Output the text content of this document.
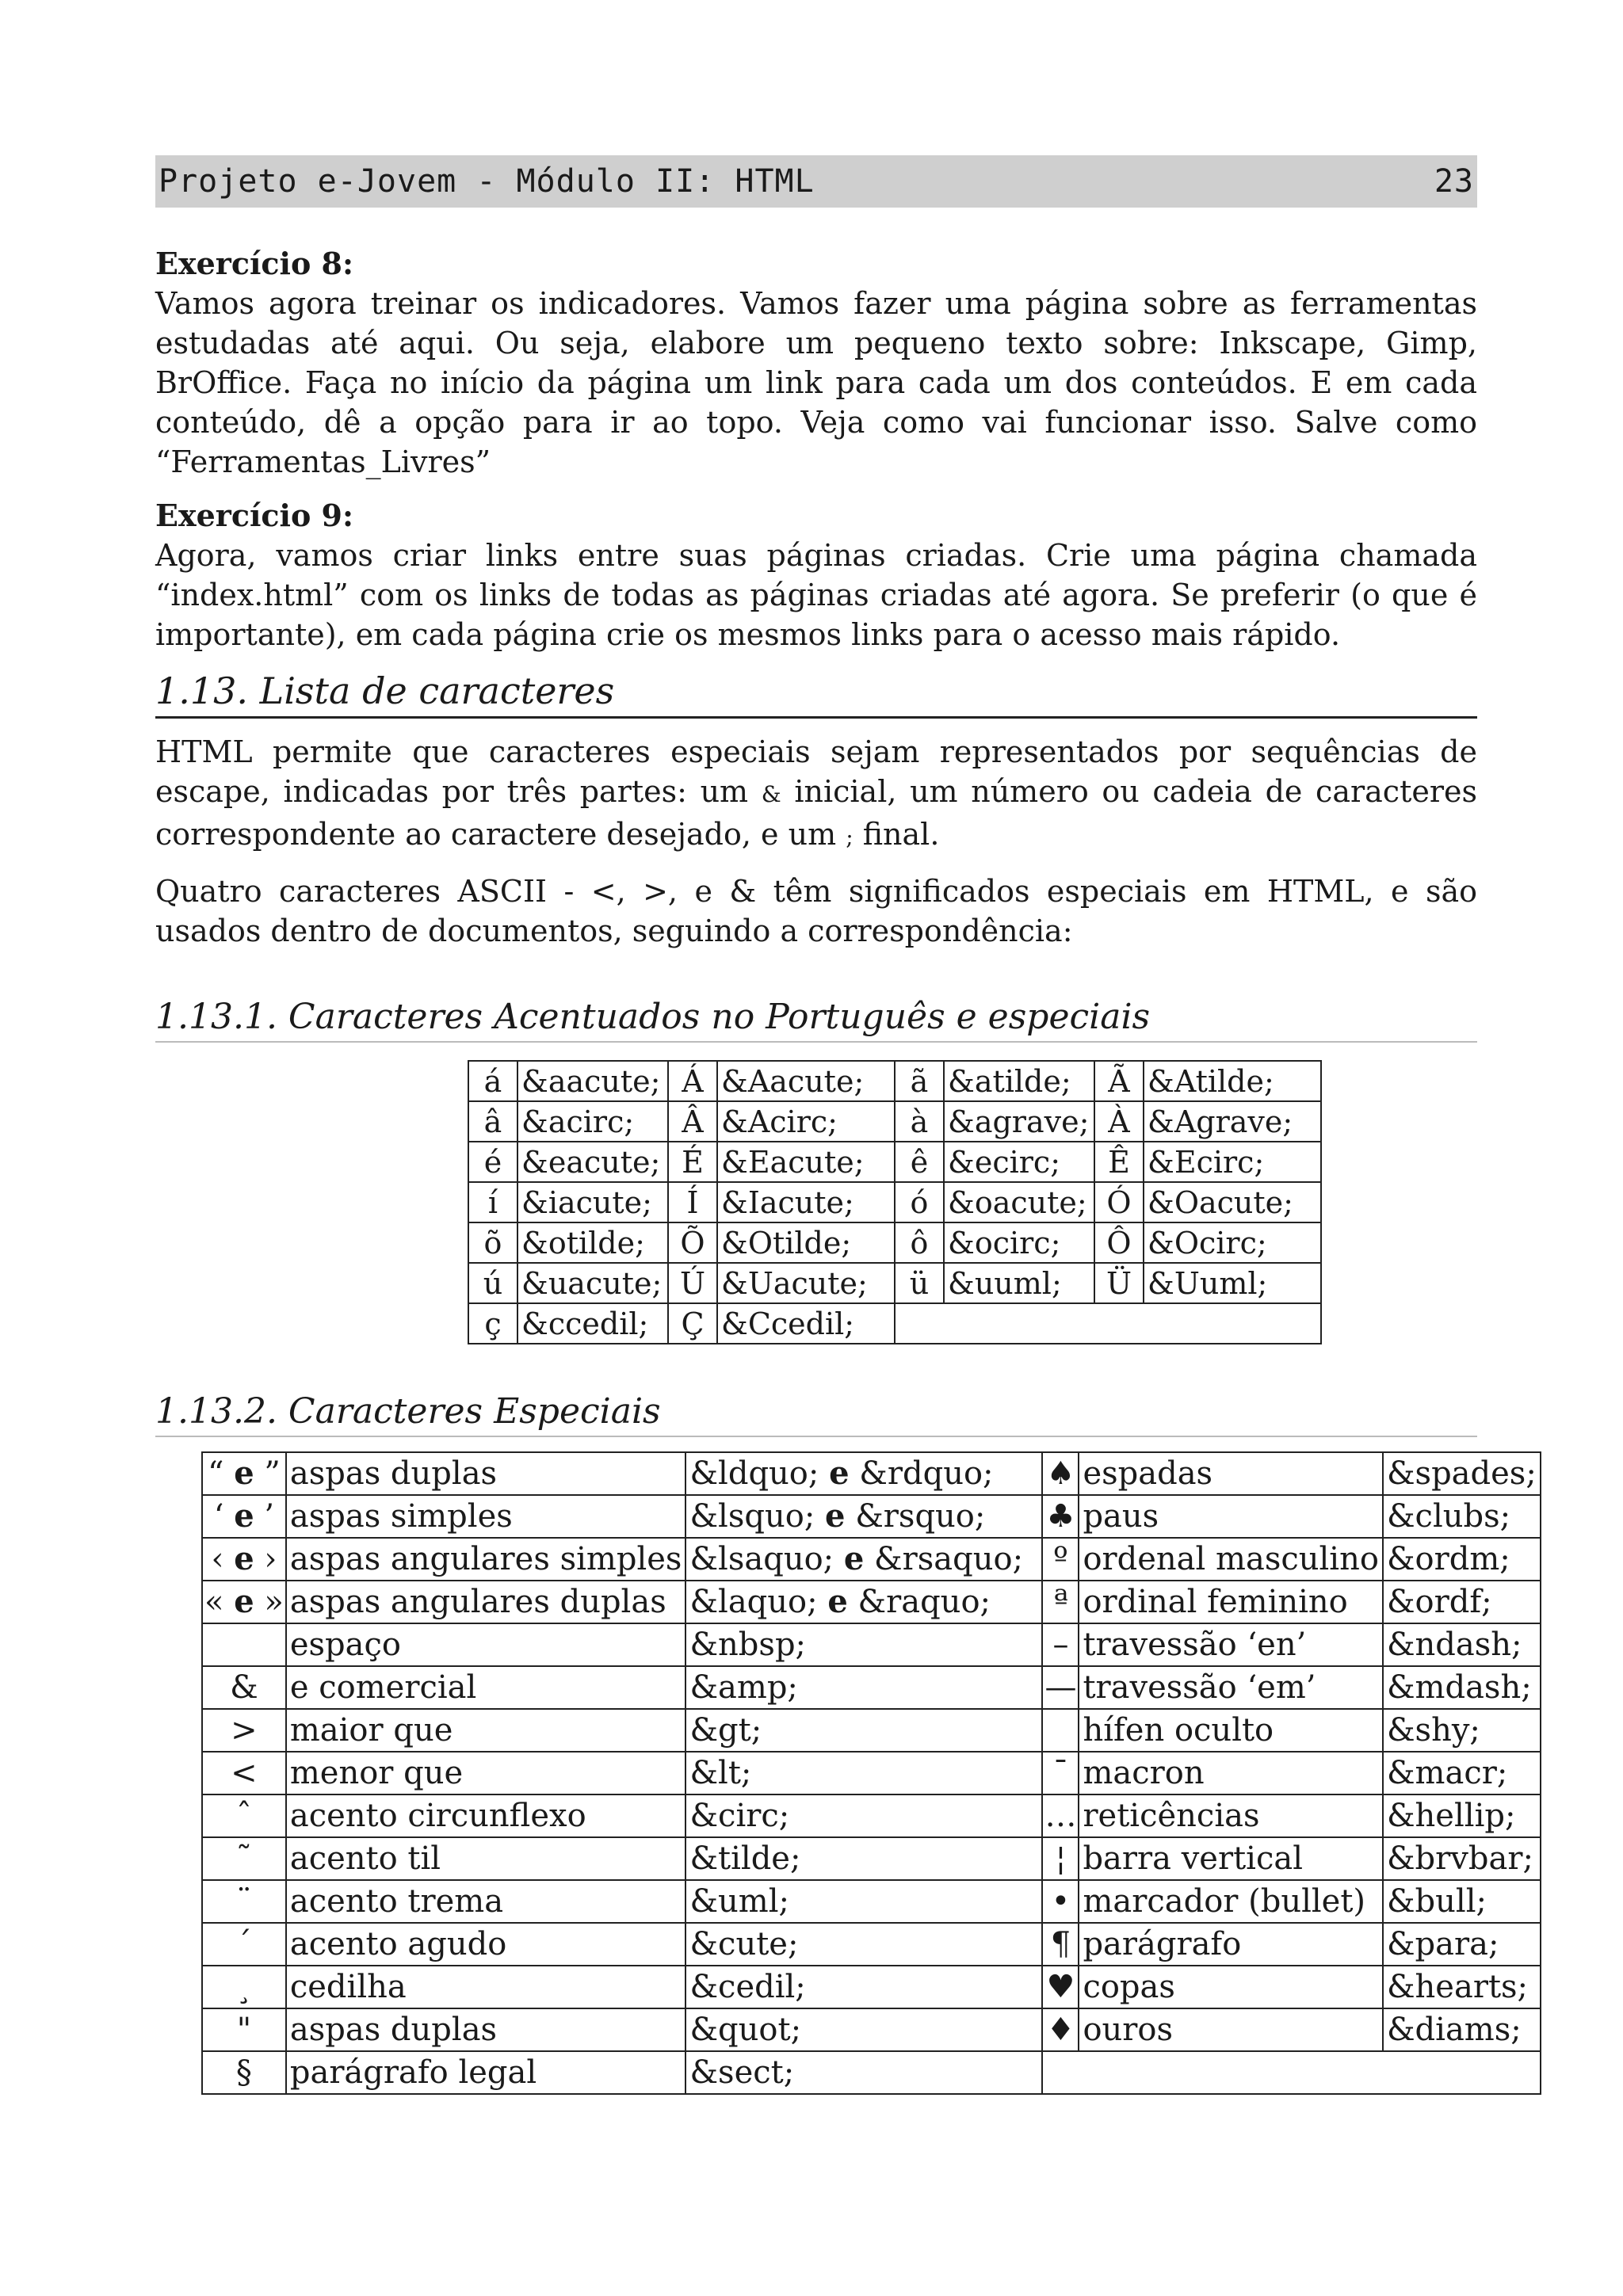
Projeto e-Jovem - Módulo II: HTML	23

Exercício 8:

Vamos agora treinar os indicadores. Vamos fazer uma página sobre as ferramentas estudadas até aqui. Ou seja, elabore um pequeno texto sobre: Inkscape, Gimp, BrOffice. Faça no início da página um link para cada um dos conteúdos. E em cada conteúdo, dê a opção para ir ao topo. Veja como vai funcionar isso. Salve como “Ferramentas_Livres”

Exercício 9:

Agora, vamos criar links entre suas páginas criadas. Crie uma página chamada “index.html” com os links de todas as páginas criadas até agora. Se preferir (o que é importante), em cada página crie os mesmos links para o acesso mais rápido.

1.13. Lista de caracteres

HTML permite que caracteres especiais sejam representados por sequências de escape, indicadas por três partes: um & inicial, um número ou cadeia de caracteres correspondente ao caractere desejado, e um ; final.

Quatro caracteres ASCII - <, >, e & têm significados especiais em HTML, e são usados dentro de documentos, seguindo a correspondência:

1.13.1. Caracteres Acentuados no Português e especiais
á	&aacute;	Á	&Aacute;	ã	&atilde;	Ã	&Atilde;
â	&acirc;	Â	&Acirc;	à	&agrave;	À	&Agrave;
é	&eacute;	É	&Eacute;	ê	&ecirc;	Ê	&Ecirc;
í	&iacute;	Í	&Iacute;	ó	&oacute;	Ó	&Oacute;
õ	&otilde;	Õ	&Otilde;	ô	&ocirc;	Ô	&Ocirc;
ú	&uacute;	Ú	&Uacute;	ü	&uuml;	Ü	&Uuml;
ç	&ccedil;	Ç	&Ccedil;				
1.13.2. Caracteres Especiais
“ e ”	aspas duplas	&ldquo; e &rdquo;	♠	espadas	&spades;
‘ e ’	aspas simples	&lsquo; e &rsquo;	♣	paus	&clubs;
‹ e ›	aspas angulares simples	&lsaquo; e &rsaquo;	º	ordenal masculino	&ordm;
« e »	aspas angulares duplas	&laquo; e &raquo;	ª	ordinal feminino	&ordf;
	espaço	&nbsp;	–	travessão ‘en’	&ndash;
&	e comercial	&amp;	—	travessão ‘em’	&mdash;
>	maior que	&gt;		hífen oculto	&shy;
<	menor que	&lt;	¯	macron	&macr;
ˆ	acento circunflexo	&circ;	…	reticências	&hellip;
˜	acento til	&tilde;	¦	barra vertical	&brvbar;
¨	acento trema	&uml;	•	marcador (bullet)	&bull;
´	acento agudo	&cute;	¶	parágrafo	&para;
¸	cedilha	&cedil;	♥	copas	&hearts;
"	aspas duplas	&quot;	♦	ouros	&diams;
§	parágrafo legal	&sect;			
